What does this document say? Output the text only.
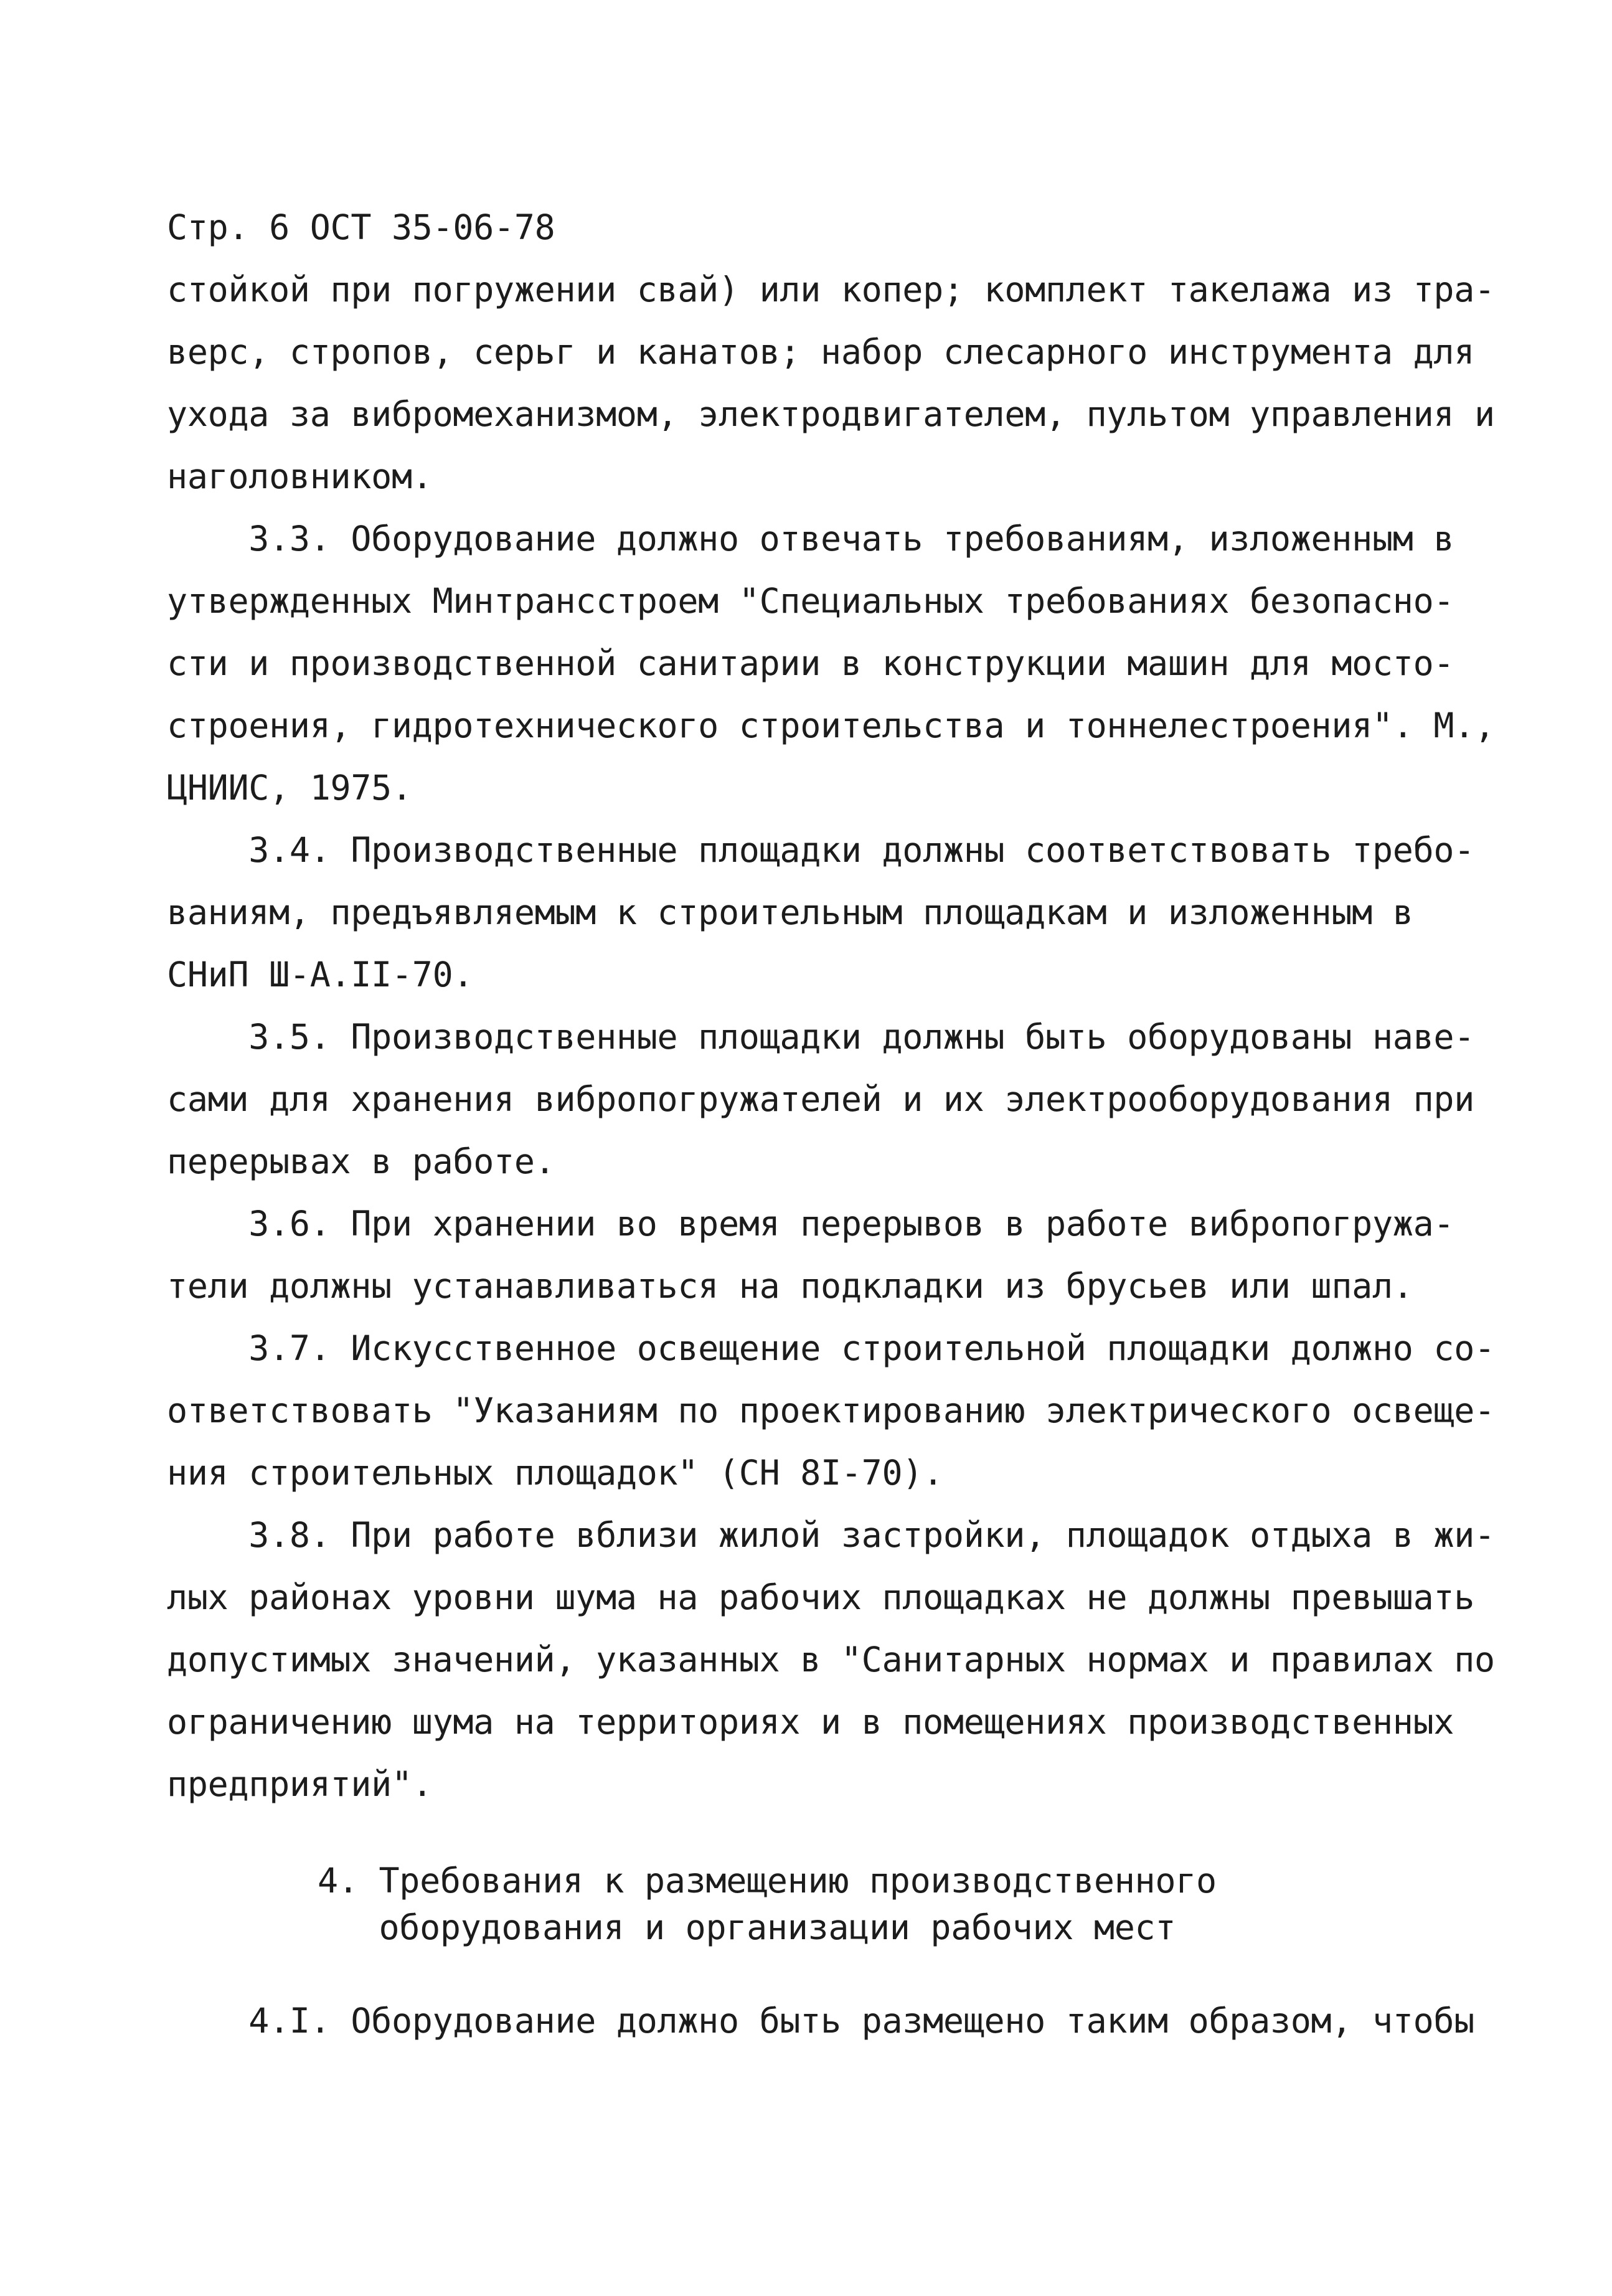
Стр. 6 ОСТ 35-06-78
стойкой при погружении свай) или копер; комплект такелажа из тра-
верс, стропов, серьг и канатов; набор слесарного инструмента для
ухода за вибромеханизмом, электродвигателем, пультом управления и
наголовником.
3.3. Оборудование должно отвечать требованиям, изложенным в
утвержденных Минтрансстроем "Специальных требованиях безопасно-
сти и производственной санитарии в конструкции машин для мосто-
строения, гидротехнического строительства и тоннелестроения". М.,
ЦНИИС, 1975.
3.4. Производственные площадки должны соответствовать требо-
ваниям, предъявляемым к строительным площадкам и изложенным в
СНиП Ш-А.II-70.
3.5. Производственные площадки должны быть оборудованы наве-
сами для хранения вибропогружателей и их электрооборудования при
перерывах в работе.
3.6. При хранении во время перерывов в работе вибропогружа-
тели должны устанавливаться на подкладки из брусьев или шпал.
3.7. Искусственное освещение строительной площадки должно со-
ответствовать "Указаниям по проектированию электрического освеще-
ния строительных площадок" (СН 8I-70).
3.8. При работе вблизи жилой застройки, площадок отдыха в жи-
лых районах уровни шума на рабочих площадках не должны превышать
допустимых значений, указанных в "Санитарных нормах и правилах по
ограничению шума на территориях и в помещениях производственных
предприятий".
4. Требования к размещению производственного
оборудования и организации рабочих мест
4.I. Оборудование должно быть размещено таким образом, чтобы
